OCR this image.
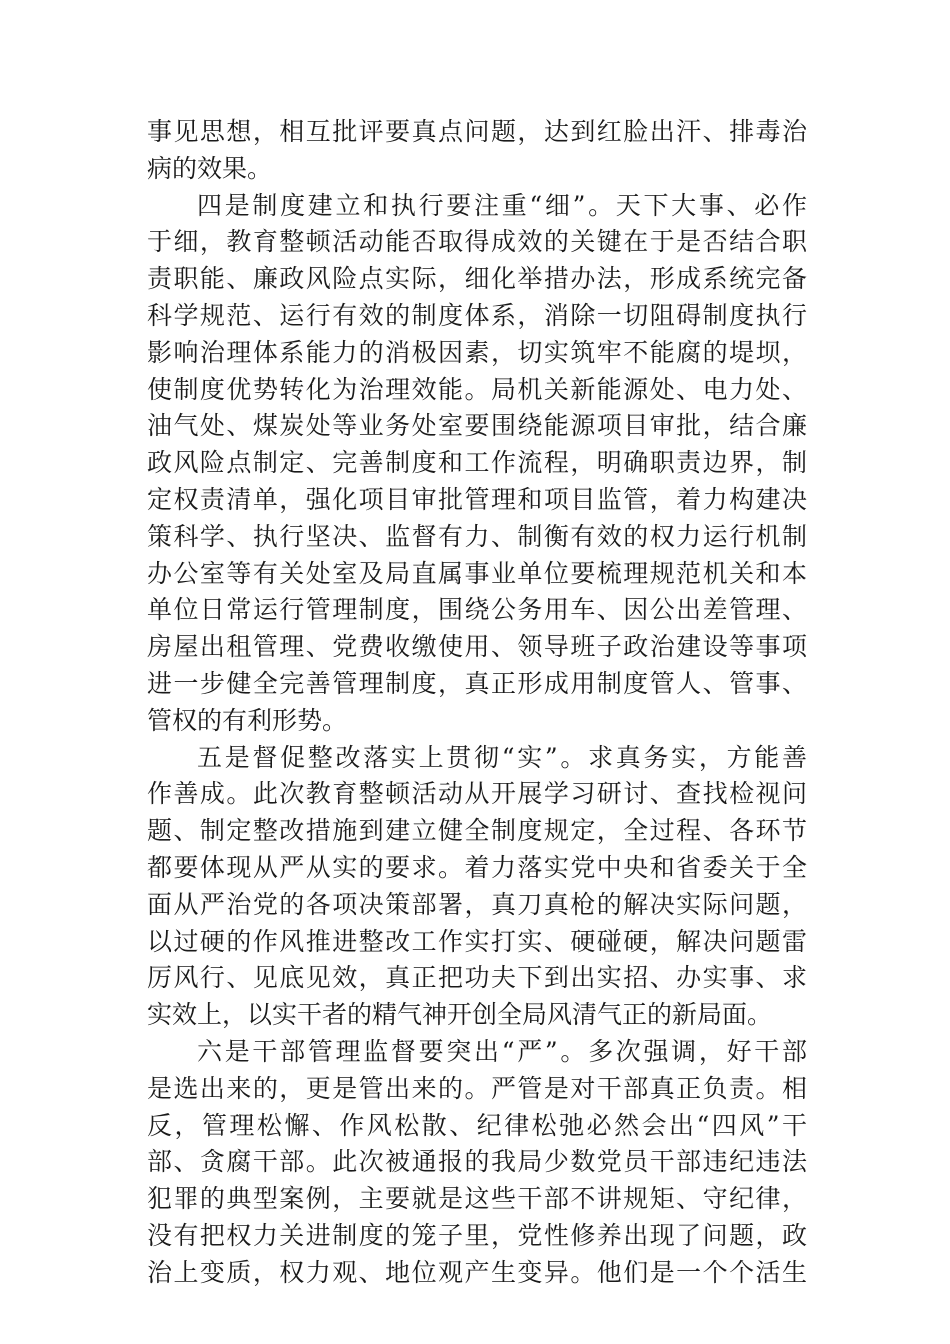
事见思想，相互批评要真点问题，达到红脸出汗、排毒治
病的效果。
四是制度建立和执行要注重“细”。天下大事、必作
于细，教育整顿活动能否取得成效的关键在于是否结合职
责职能、廉政风险点实际，细化举措办法，形成系统完备
科学规范、运行有效的制度体系，消除一切阻碍制度执行
影响治理体系能力的消极因素，切实筑牢不能腐的堤坝，
使制度优势转化为治理效能。局机关新能源处、电力处、
油气处、煤炭处等业务处室要围绕能源项目审批，结合廉
政风险点制定、完善制度和工作流程，明确职责边界，制
定权责清单，强化项目审批管理和项目监管，着力构建决
策科学、执行坚决、监督有力、制衡有效的权力运行机制
办公室等有关处室及局直属事业单位要梳理规范机关和本
单位日常运行管理制度，围绕公务用车、因公出差管理、
房屋出租管理、党费收缴使用、领导班子政治建设等事项
进一步健全完善管理制度，真正形成用制度管人、管事、
管权的有利形势。
五是督促整改落实上贯彻“实”。求真务实，方能善
作善成。此次教育整顿活动从开展学习研讨、查找检视问
题、制定整改措施到建立健全制度规定，全过程、各环节
都要体现从严从实的要求。着力落实党中央和省委关于全
面从严治党的各项决策部署，真刀真枪的解决实际问题，
以过硬的作风推进整改工作实打实、硬碰硬，解决问题雷
厉风行、见底见效，真正把功夫下到出实招、办实事、求
实效上，以实干者的精气神开创全局风清气正的新局面。
六是干部管理监督要突出“严”。多次强调，好干部
是选出来的，更是管出来的。严管是对干部真正负责。相
反，管理松懈、作风松散、纪律松弛必然会出“四风”干
部、贪腐干部。此次被通报的我局少数党员干部违纪违法
犯罪的典型案例，主要就是这些干部不讲规矩、守纪律，
没有把权力关进制度的笼子里，党性修养出现了问题，政
治上变质，权力观、地位观产生变异。他们是一个个活生
